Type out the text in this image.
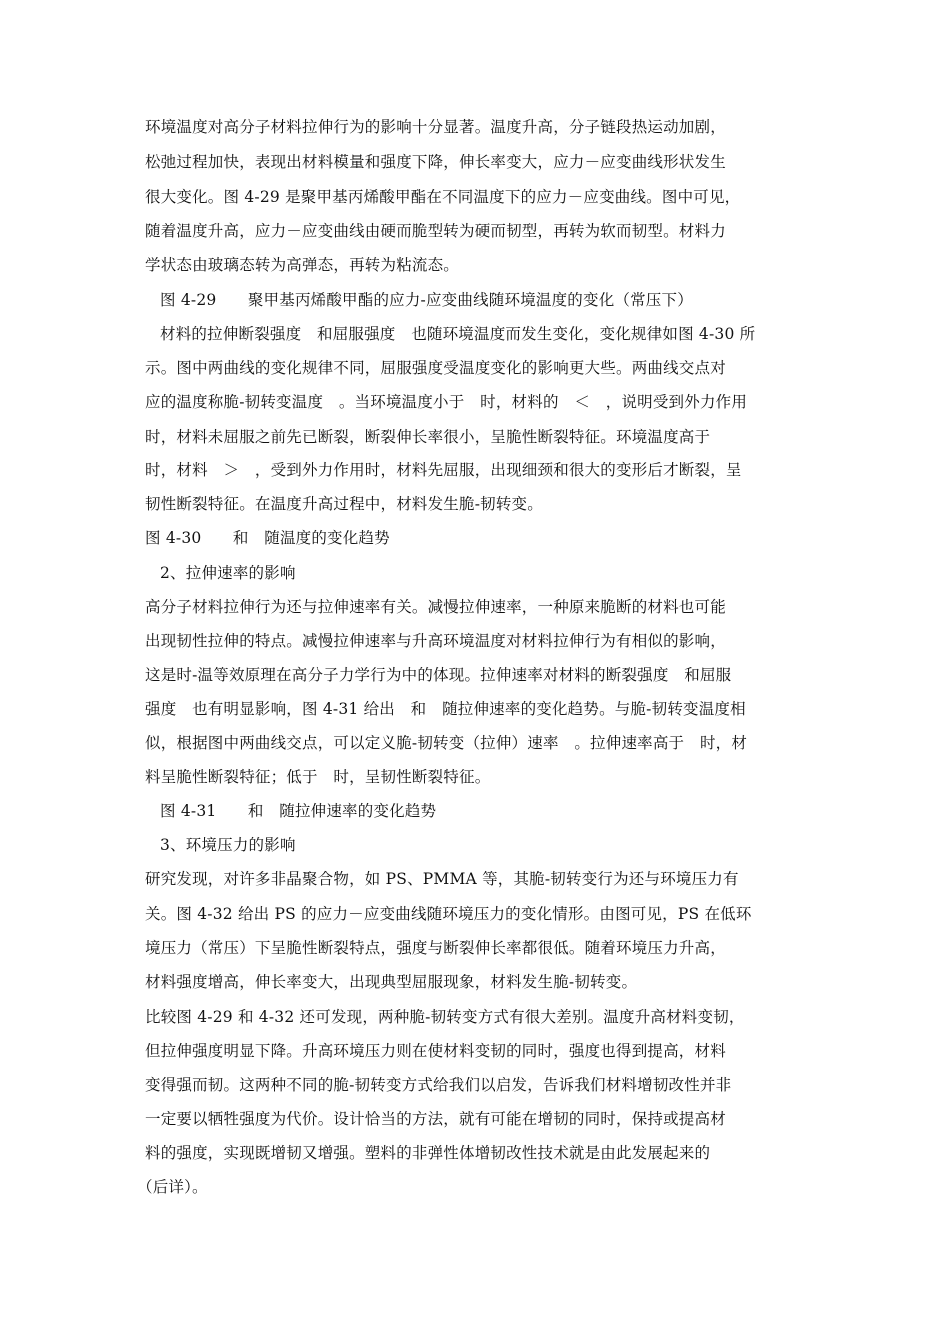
环境温度对高分子材料拉伸行为的影响十分显著。温度升高，分子链段热运动加剧，
松弛过程加快，表现出材料模量和强度下降，伸长率变大，应力－应变曲线形状发生
很大变化。图 4-29 是聚甲基丙烯酸甲酯在不同温度下的应力－应变曲线。图中可见，
随着温度升高，应力－应变曲线由硬而脆型转为硬而韧型，再转为软而韧型。材料力
学状态由玻璃态转为高弹态，再转为粘流态。
图 4-29　　聚甲基丙烯酸甲酯的应力-应变曲线随环境温度的变化（常压下）
材料的拉伸断裂强度　和屈服强度　也随环境温度而发生变化，变化规律如图 4-30 所
示。图中两曲线的变化规律不同，屈服强度受温度变化的影响更大些。两曲线交点对
应的温度称脆-韧转变温度　。当环境温度小于　时，材料的　＜　，说明受到外力作用
时，材料未屈服之前先已断裂，断裂伸长率很小，呈脆性断裂特征。环境温度高于
时，材料　＞　，受到外力作用时，材料先屈服，出现细颈和很大的变形后才断裂，呈
韧性断裂特征。在温度升高过程中，材料发生脆-韧转变。
图 4-30　　和　随温度的变化趋势
2、拉伸速率的影响
高分子材料拉伸行为还与拉伸速率有关。减慢拉伸速率，一种原来脆断的材料也可能
出现韧性拉伸的特点。减慢拉伸速率与升高环境温度对材料拉伸行为有相似的影响，
这是时-温等效原理在高分子力学行为中的体现。拉伸速率对材料的断裂强度　和屈服
强度　也有明显影响，图 4-31 给出　和　随拉伸速率的变化趋势。与脆-韧转变温度相
似，根据图中两曲线交点，可以定义脆-韧转变（拉伸）速率　。拉伸速率高于　时，材
料呈脆性断裂特征；低于　时，呈韧性断裂特征。
图 4-31　　和　随拉伸速率的变化趋势
3、环境压力的影响
研究发现，对许多非晶聚合物，如 PS、PMMA 等，其脆-韧转变行为还与环境压力有
关。图 4-32 给出 PS 的应力－应变曲线随环境压力的变化情形。由图可见，PS 在低环
境压力（常压）下呈脆性断裂特点，强度与断裂伸长率都很低。随着环境压力升高，
材料强度增高，伸长率变大，出现典型屈服现象，材料发生脆-韧转变。
比较图 4-29 和 4-32 还可发现，两种脆-韧转变方式有很大差别。温度升高材料变韧，
但拉伸强度明显下降。升高环境压力则在使材料变韧的同时，强度也得到提高，材料
变得强而韧。这两种不同的脆-韧转变方式给我们以启发，告诉我们材料增韧改性并非
一定要以牺牲强度为代价。设计恰当的方法，就有可能在增韧的同时，保持或提高材
料的强度，实现既增韧又增强。塑料的非弹性体增韧改性技术就是由此发展起来的
（后详）。
